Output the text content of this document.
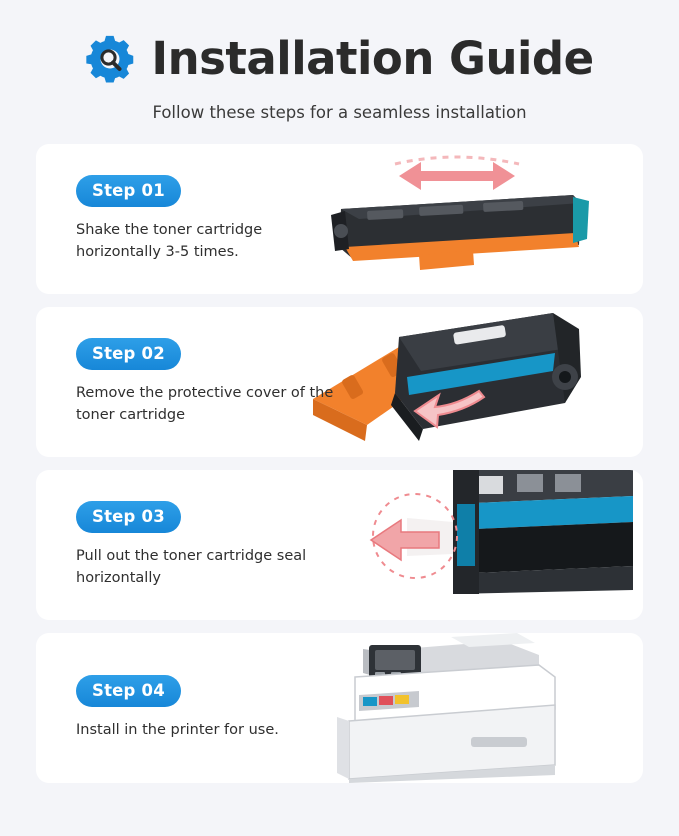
Installation Guide
Follow these steps for a seamless installation
Step 01
Shake the toner cartridge horizontally 3-5 times.
Step 02
Remove the protective cover of the toner cartridge
Step 03
Pull out the toner cartridge seal horizontally
Step 04
Install in the printer for use.
